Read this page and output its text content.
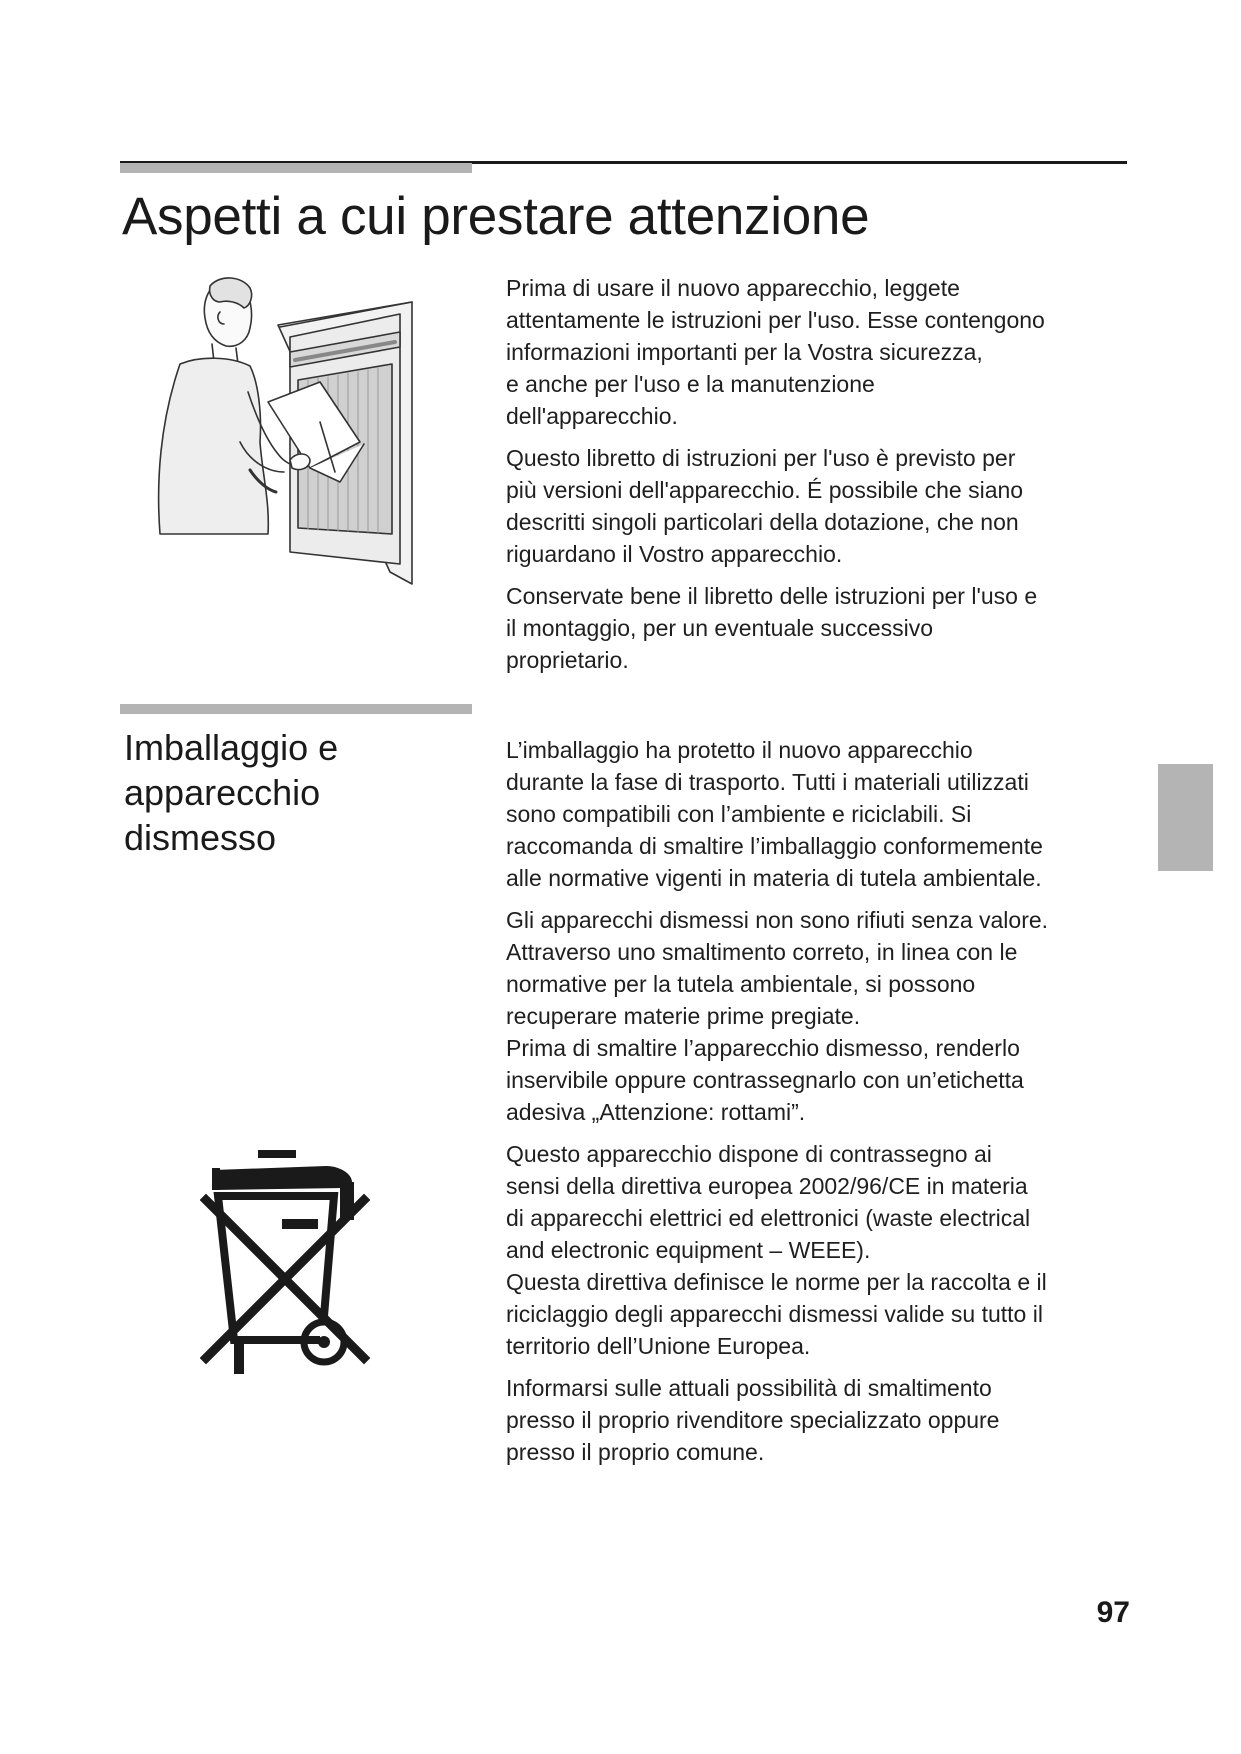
Aspetti a cui prestare attenzione

Prima di usare il nuovo apparecchio, leggete
attentamente le istruzioni per l'uso. Esse contengono
informazioni importanti per la Vostra sicurezza,
e anche per l'uso e la manutenzione
dell'apparecchio.

Questo libretto di istruzioni per l'uso è previsto per
più versioni dell'apparecchio. É possibile che siano
descritti singoli particolari della dotazione, che non
riguardano il Vostro apparecchio.

Conservate bene il libretto delle istruzioni per l'uso e
il montaggio, per un eventuale successivo
proprietario.

Imballaggio e
apparecchio
dismesso

L’imballaggio ha protetto il nuovo apparecchio
durante la fase di trasporto. Tutti i materiali utilizzati
sono compatibili con l’ambiente e riciclabili. Si
raccomanda di smaltire l’imballaggio conformemente
alle normative vigenti in materia di tutela ambientale.

Gli apparecchi dismessi non sono rifiuti senza valore.
Attraverso uno smaltimento correto, in linea con le
normative per la tutela ambientale, si possono
recuperare materie prime pregiate.
Prima di smaltire l’apparecchio dismesso, renderlo
inservibile oppure contrassegnarlo con un’etichetta
adesiva „Attenzione: rottami”.

Questo apparecchio dispone di contrassegno ai
sensi della direttiva europea 2002/96/CE in materia
di apparecchi elettrici ed elettronici (waste electrical
and electronic equipment – WEEE).
Questa direttiva definisce le norme per la raccolta e il
riciclaggio degli apparecchi dismessi valide su tutto il
territorio dell’Unione Europea.

Informarsi sulle attuali possibilità di smaltimento
presso il proprio rivenditore specializzato oppure
presso il proprio comune.

97
